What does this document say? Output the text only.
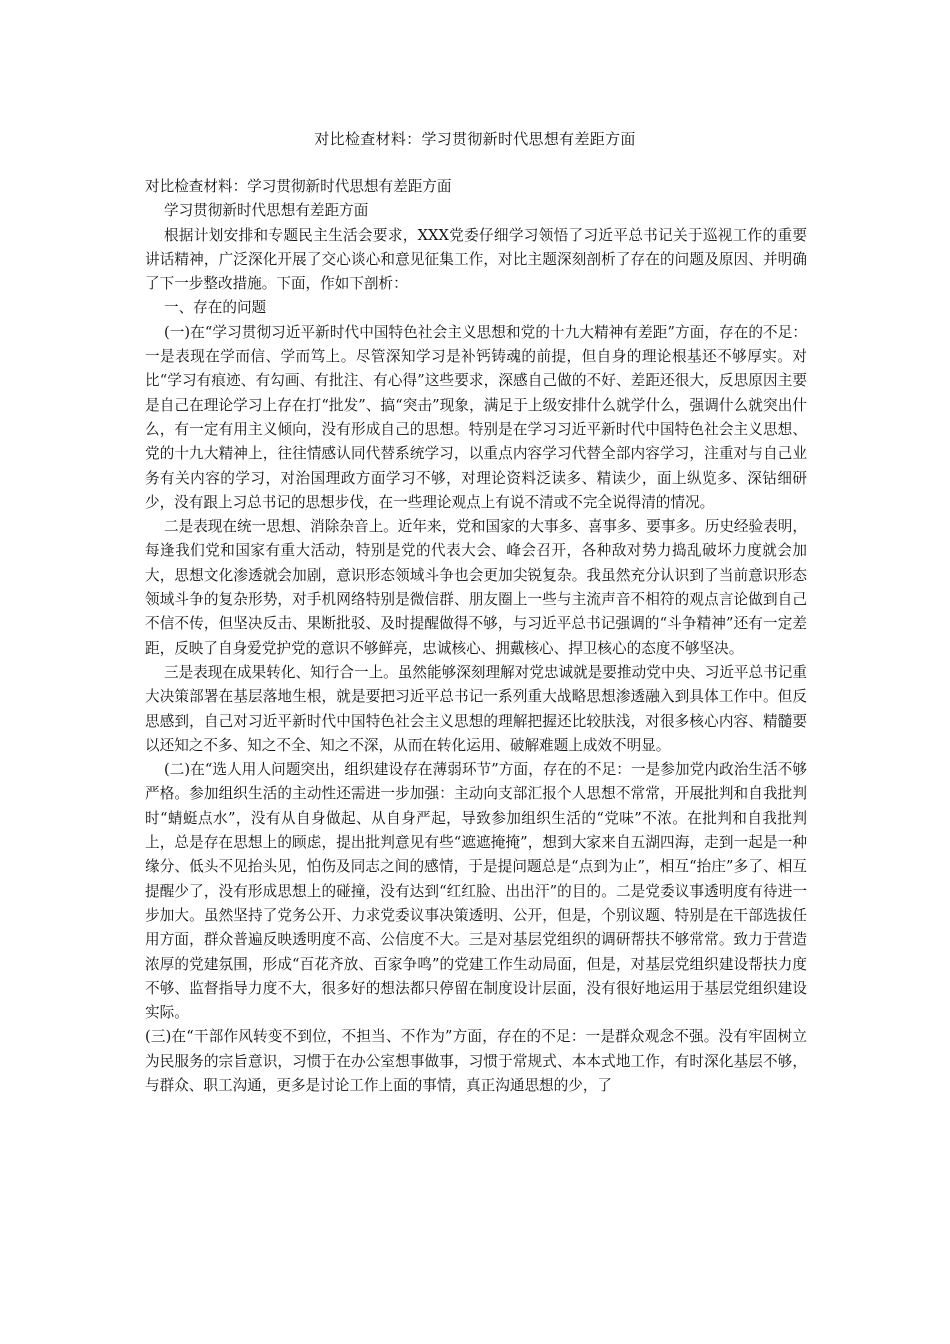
对比检查材料：学习贯彻新时代思想有差距方面

对比检查材料：学习贯彻新时代思想有差距方面

学习贯彻新时代思想有差距方面

根据计划安排和专题民主生活会要求，XXX党委仔细学习领悟了习近平总书记关于巡视工作的重要讲话精神，广泛深化开展了交心谈心和意见征集工作，对比主题深刻剖析了存在的问题及原因、并明确了下一步整改措施。下面，作如下剖析：

一、存在的问题

(一)在“学习贯彻习近平新时代中国特色社会主义思想和党的十九大精神有差距”方面，存在的不足：一是表现在学而信、学而笃上。尽管深知学习是补钙铸魂的前提，但自身的理论根基还不够厚实。对比“学习有痕迹、有勾画、有批注、有心得”这些要求，深感自己做的不好、差距还很大，反思原因主要是自己在理论学习上存在打“批发”、搞“突击”现象，满足于上级安排什么就学什么，强调什么就突出什么，有一定有用主义倾向，没有形成自己的思想。特别是在学习习近平新时代中国特色社会主义思想、党的十九大精神上，往往情感认同代替系统学习，以重点内容学习代替全部内容学习，注重对与自己业务有关内容的学习，对治国理政方面学习不够，对理论资料泛读多、精读少，面上纵览多、深钻细研少，没有跟上习总书记的思想步伐，在一些理论观点上有说不清或不完全说得清的情况。

二是表现在统一思想、消除杂音上。近年来，党和国家的大事多、喜事多、要事多。历史经验表明，每逢我们党和国家有重大活动，特别是党的代表大会、峰会召开，各种敌对势力捣乱破坏力度就会加大，思想文化渗透就会加剧，意识形态领域斗争也会更加尖锐复杂。我虽然充分认识到了当前意识形态领域斗争的复杂形势，对手机网络特别是微信群、朋友圈上一些与主流声音不相符的观点言论做到自己不信不传，但坚决反击、果断批驳、及时提醒做得不够，与习近平总书记强调的“斗争精神”还有一定差距，反映了自身爱党护党的意识不够鲜亮，忠诚核心、拥戴核心、捍卫核心的态度不够坚决。

三是表现在成果转化、知行合一上。虽然能够深刻理解对党忠诚就是要推动党中央、习近平总书记重大决策部署在基层落地生根，就是要把习近平总书记一系列重大战略思想渗透融入到具体工作中。但反思感到，自己对习近平新时代中国特色社会主义思想的理解把握还比较肤浅，对很多核心内容、精髓要以还知之不多、知之不全、知之不深，从而在转化运用、破解难题上成效不明显。

(二)在“选人用人问题突出，组织建设存在薄弱环节”方面，存在的不足：一是参加党内政治生活不够严格。参加组织生活的主动性还需进一步加强：主动向支部汇报个人思想不常常，开展批判和自我批判时“蜻蜓点水”，没有从自身做起、从自身严起，导致参加组织生活的“党味”不浓。在批判和自我批判上，总是存在思想上的顾虑，提出批判意见有些“遮遮掩掩”，想到大家来自五湖四海，走到一起是一种缘分、低头不见抬头见，怕伤及同志之间的感情，于是提问题总是“点到为止”，相互“抬庄”多了、相互提醒少了，没有形成思想上的碰撞，没有达到“红红脸、出出汗”的目的。二是党委议事透明度有待进一步加大。虽然坚持了党务公开、力求党委议事决策透明、公开，但是，个别议题、特别是在干部选拔任用方面，群众普遍反映透明度不高、公信度不大。三是对基层党组织的调研帮扶不够常常。致力于营造浓厚的党建氛围，形成“百花齐放、百家争鸣”的党建工作生动局面，但是，对基层党组织建设帮扶力度不够、监督指导力度不大，很多好的想法都只停留在制度设计层面，没有很好地运用于基层党组织建设实际。

(三)在“干部作风转变不到位，不担当、不作为”方面，存在的不足：一是群众观念不强。没有牢固树立为民服务的宗旨意识，习惯于在办公室想事做事，习惯于常规式、本本式地工作，有时深化基层不够，与群众、职工沟通，更多是讨论工作上面的事情，真正沟通思想的少，了
